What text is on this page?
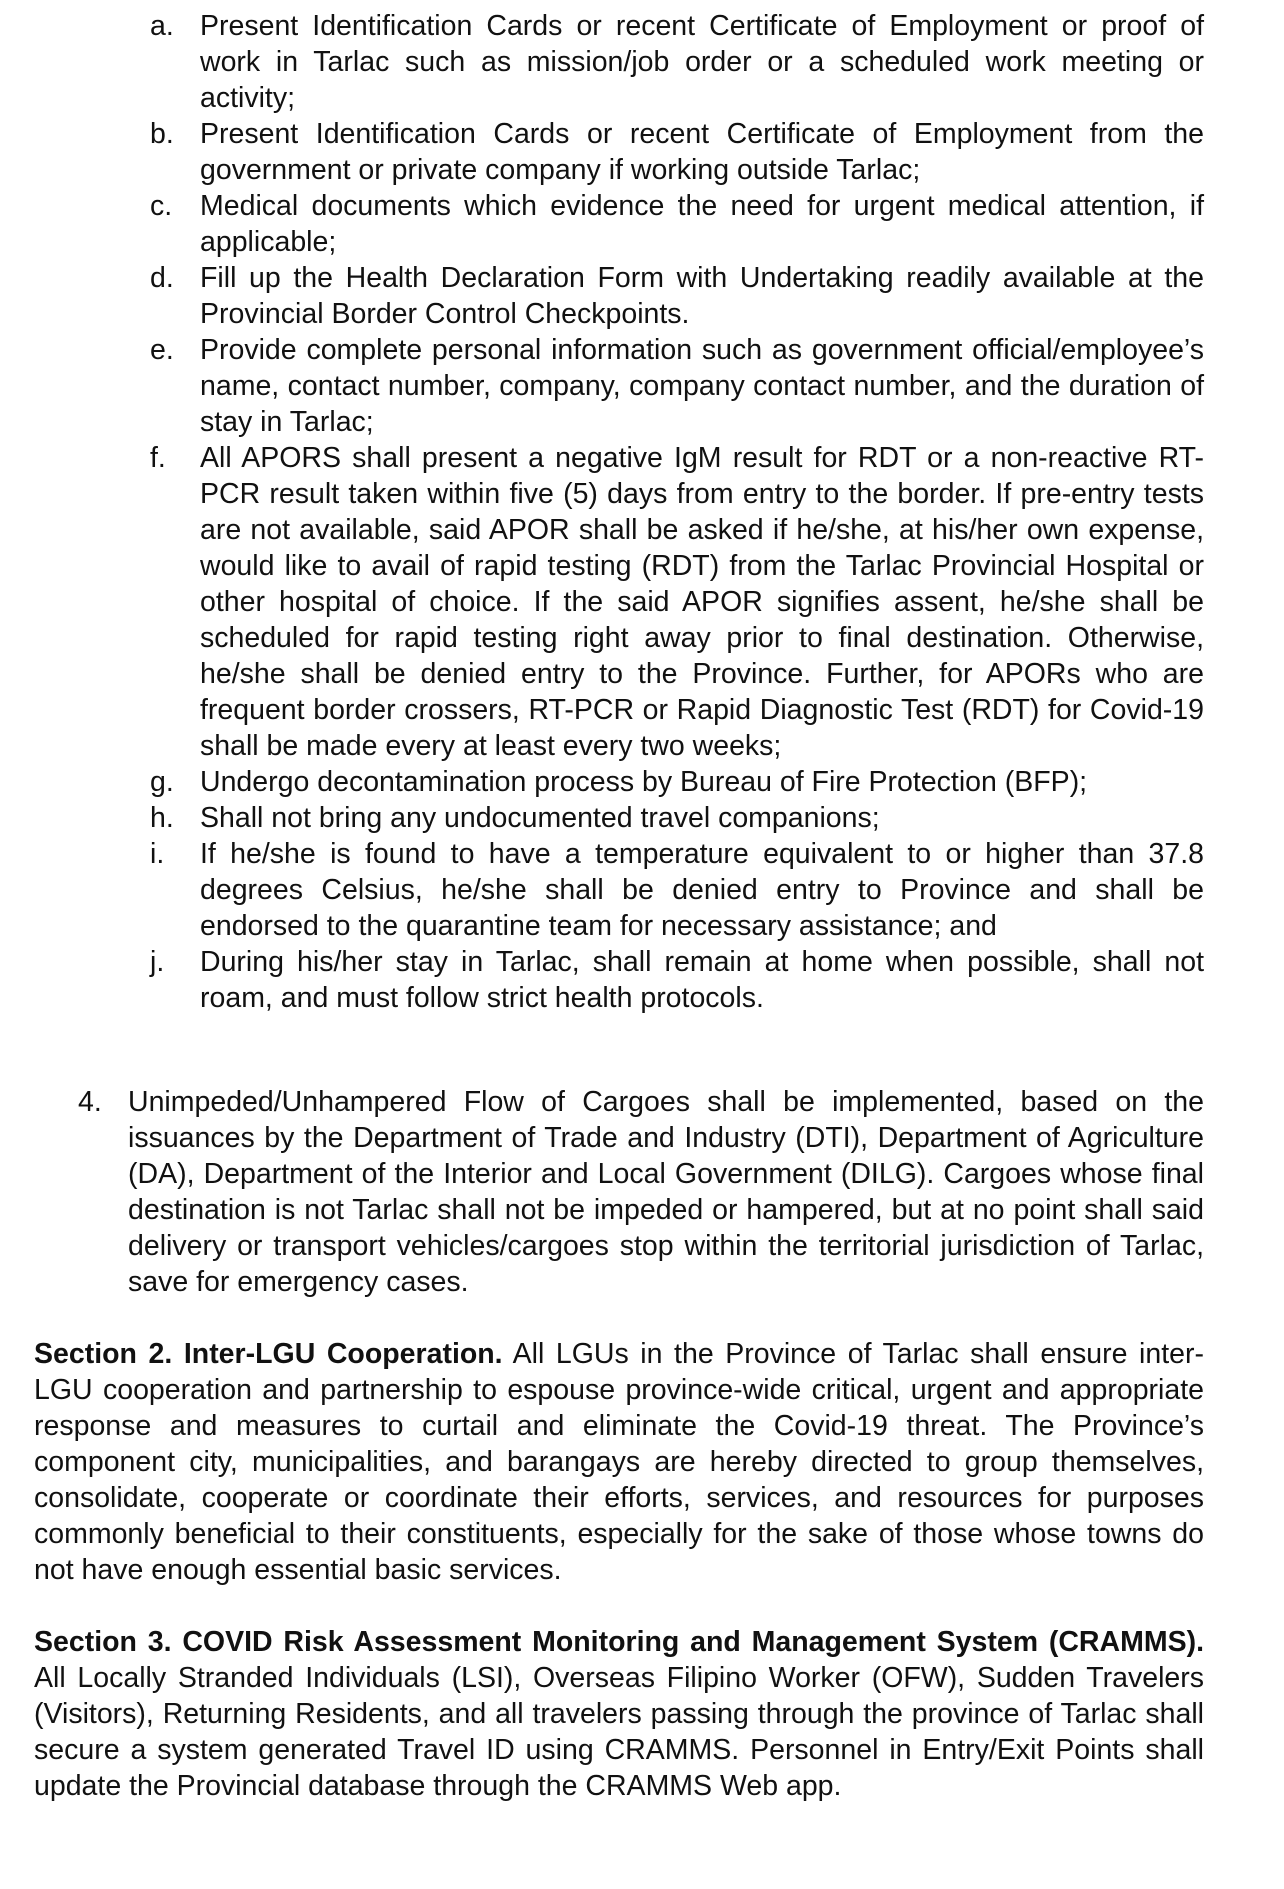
a. Present Identification Cards or recent Certificate of Employment or proof of work in Tarlac such as mission/job order or a scheduled work meeting or activity;
b. Present Identification Cards or recent Certificate of Employment from the government or private company if working outside Tarlac;
c. Medical documents which evidence the need for urgent medical attention, if applicable;
d. Fill up the Health Declaration Form with Undertaking readily available at the Provincial Border Control Checkpoints.
e. Provide complete personal information such as government official/employee’s name, contact number, company, company contact number, and the duration of stay in Tarlac;
f.	All APORS shall present a negative IgM result for RDT or a non-reactive RT-PCR result taken within five (5) days from entry to the border. If pre-entry tests are not available, said APOR shall be asked if he/she, at his/her own expense, would like to avail of rapid testing (RDT) from the Tarlac Provincial Hospital or other hospital of choice. If the said APOR signifies assent, he/she shall be scheduled for rapid testing right away prior to final destination. Otherwise, he/she shall be denied entry to the Province. Further, for APORs who are frequent border crossers, RT-PCR or Rapid Diagnostic Test (RDT) for Covid-19 shall be made every at least every two weeks;
g. Undergo decontamination process by Bureau of Fire Protection (BFP);
h. Shall not bring any undocumented travel companions;
i.	If he/she is found to have a temperature equivalent to or higher than 37.8 degrees Celsius, he/she shall be denied entry to Province and shall be endorsed to the quarantine team for necessary assistance; and
j.	During his/her stay in Tarlac, shall remain at home when possible, shall not roam, and must follow strict health protocols.
4. Unimpeded/Unhampered Flow of Cargoes shall be implemented, based on the issuances by the Department of Trade and Industry (DTI), Department of Agriculture (DA), Department of the Interior and Local Government (DILG). Cargoes whose final destination is not Tarlac shall not be impeded or hampered, but at no point shall said delivery or transport vehicles/cargoes stop within the territorial jurisdiction of Tarlac, save for emergency cases.

Section 2. Inter-LGU Cooperation. All LGUs in the Province of Tarlac shall ensure inter-LGU cooperation and partnership to espouse province-wide critical, urgent and appropriate response and measures to curtail and eliminate the Covid-19 threat. The Province’s component city, municipalities, and barangays are hereby directed to group themselves, consolidate, cooperate or coordinate their efforts, services, and resources for purposes commonly beneficial to their constituents, especially for the sake of those whose towns do not have enough essential basic services.

Section 3. COVID Risk Assessment Monitoring and Management System (CRAMMS). All Locally Stranded Individuals (LSI), Overseas Filipino Worker (OFW), Sudden Travelers (Visitors), Returning Residents, and all travelers passing through the province of Tarlac shall secure a system generated Travel ID using CRAMMS. Personnel in Entry/Exit Points shall update the Provincial database through the CRAMMS Web app.
